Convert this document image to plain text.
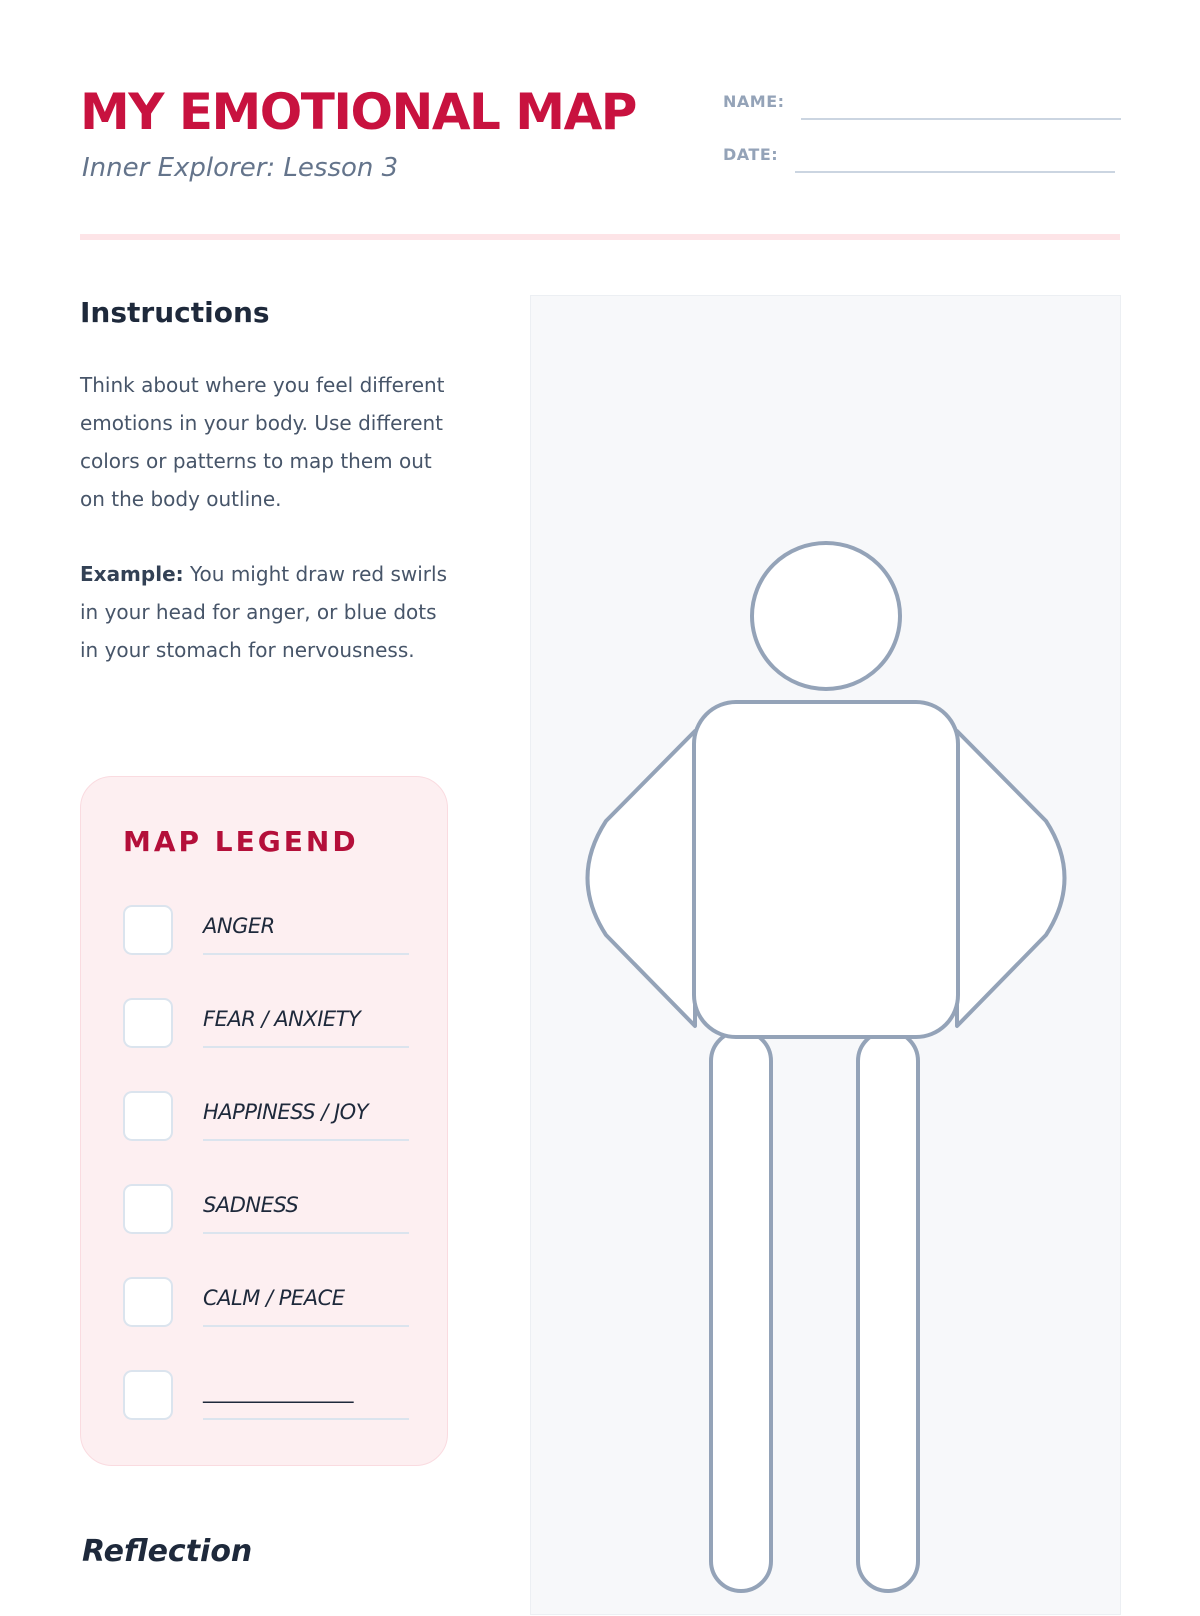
MY EMOTIONAL MAP
Inner Explorer: Lesson 3
NAME:
DATE:
Instructions

Think about where you feel different emotions in your body. Use different colors or patterns to map them out on the body outline.

Example: You might draw red swirls in your head for anger, or blue dots in your stomach for nervousness.

MAP LEGEND
ANGER
FEAR / ANXIETY
HAPPINESS / JOY
SADNESS
CALM / PEACE
_______________
Reflection
